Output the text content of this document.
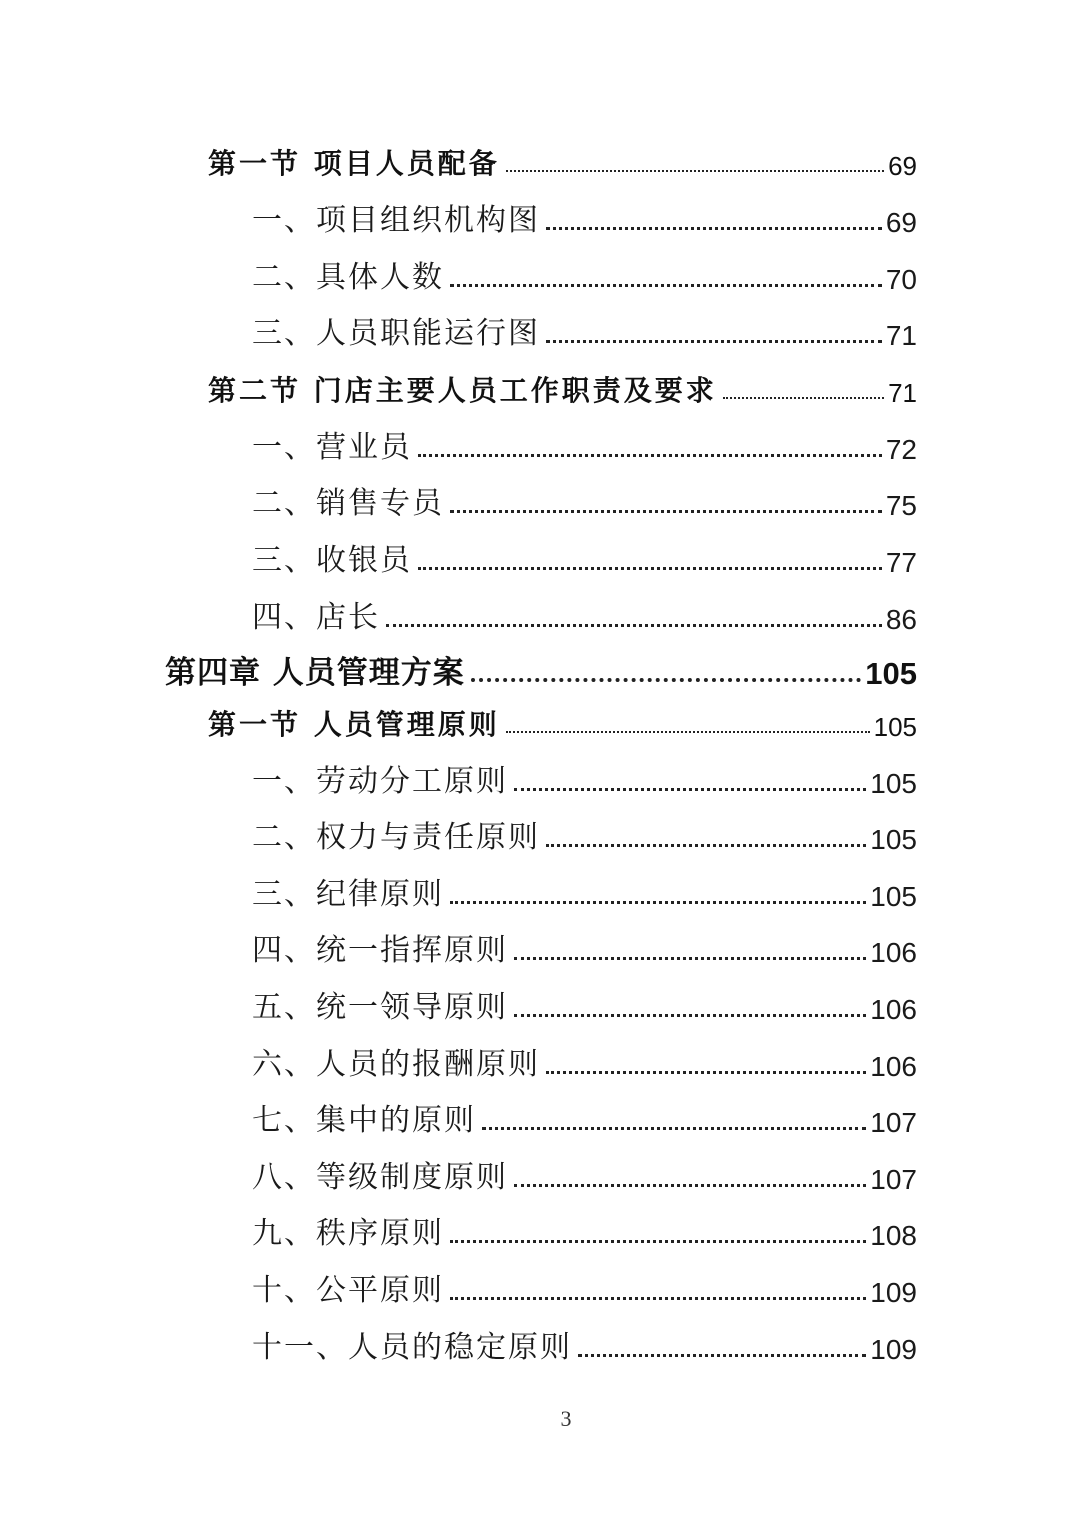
第一节 项目人员配备	69
一、项目组织机构图	69
二、具体人数	70
三、人员职能运行图	71
第二节 门店主要人员工作职责及要求	71
一、营业员	72
二、销售专员	75
三、收银员	77
四、店长	86
第四章 人员管理方案	105
第一节 人员管理原则	105
一、劳动分工原则	105
二、权力与责任原则	105
三、纪律原则	105
四、统一指挥原则	106
五、统一领导原则	106
六、人员的报酬原则	106
七、集中的原则	107
八、等级制度原则	107
九、秩序原则	108
十、公平原则	109
十一、人员的稳定原则	109
3
